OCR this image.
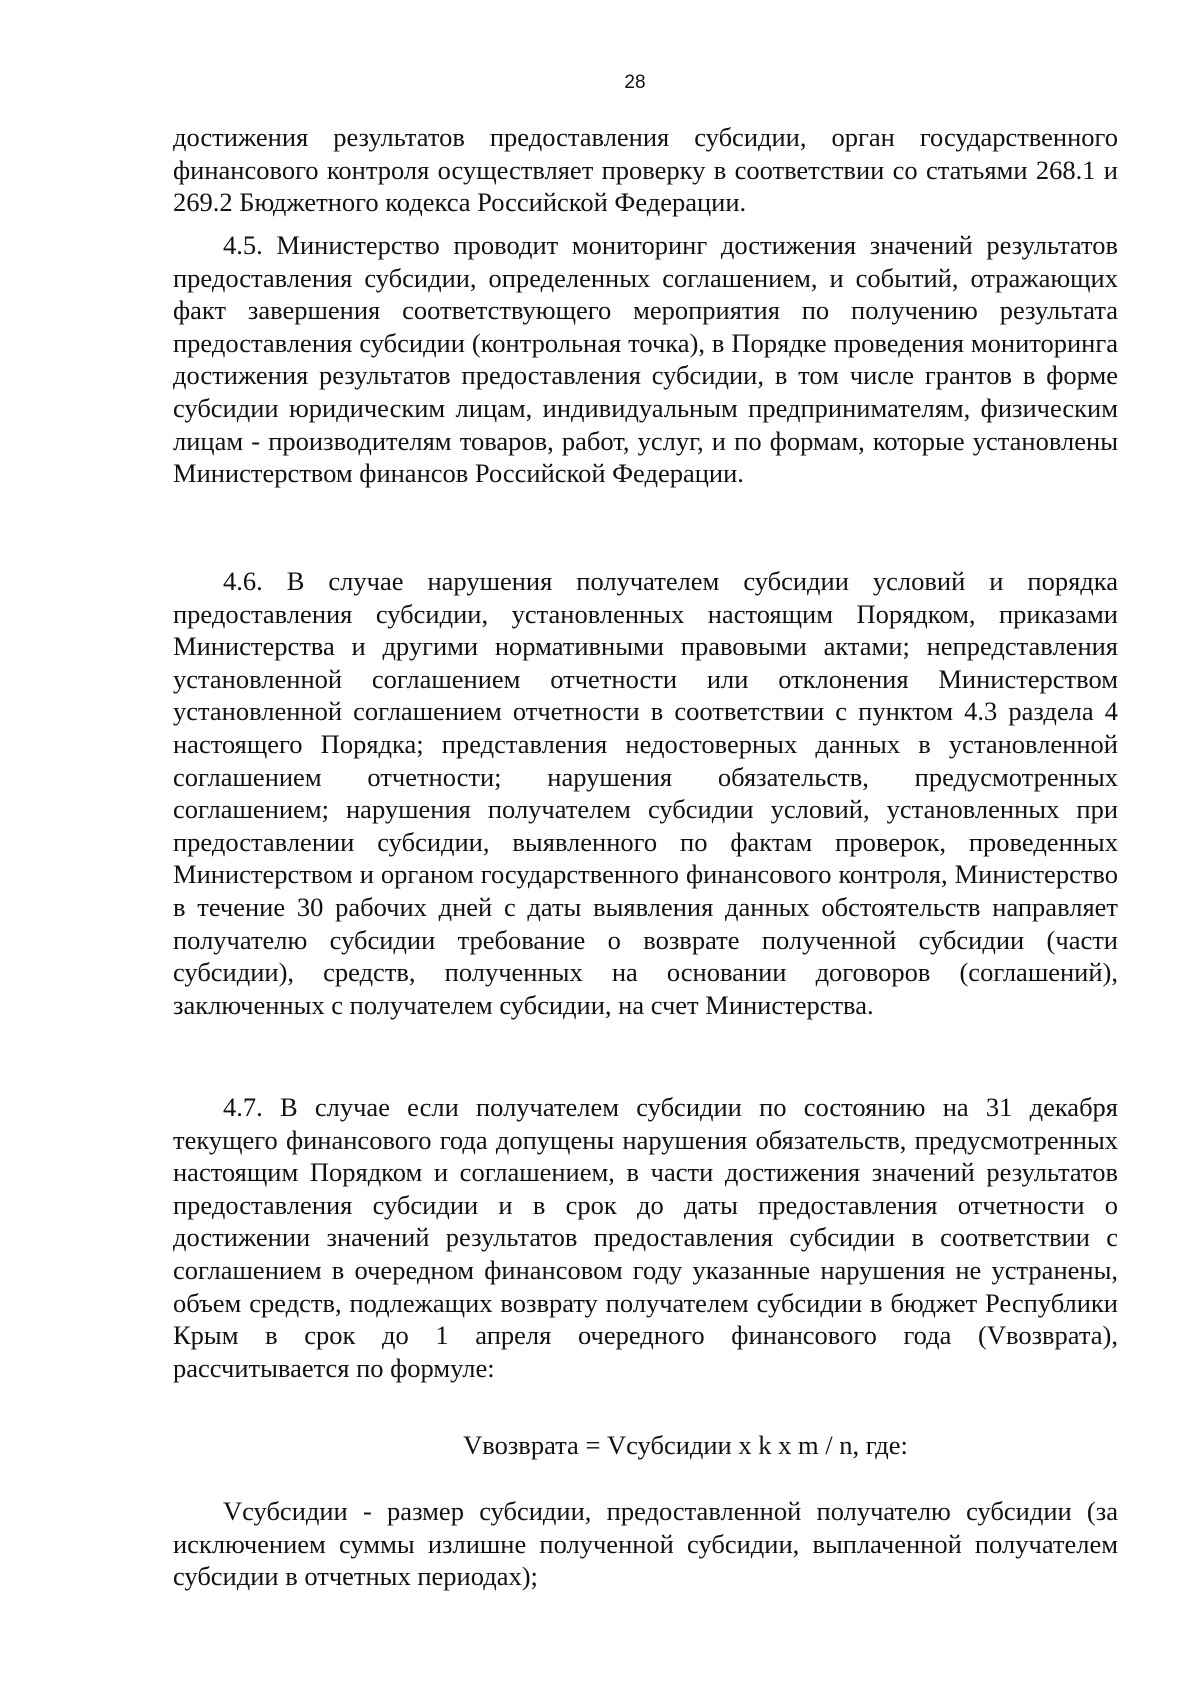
28

достижения результатов предоставления субсидии, орган государственного финансового контроля осуществляет проверку в соответствии со статьями 268.1 и 269.2 Бюджетного кодекса Российской Федерации.

4.5. Министерство проводит мониторинг достижения значений результатов предоставления субсидии, определенных соглашением, и событий, отражающих факт завершения соответствующего мероприятия по получению результата предоставления субсидии (контрольная точка), в Порядке проведения мониторинга достижения результатов предоставления субсидии, в том числе грантов в форме субсидии юридическим лицам, индивидуальным предпринимателям, физическим лицам - производителям товаров, работ, услуг, и по формам, которые установлены Министерством финансов Российской Федерации.

4.6. В случае нарушения получателем субсидии условий и порядка предоставления субсидии, установленных настоящим Порядком, приказами Министерства и другими нормативными правовыми актами; непредставления установленной соглашением отчетности или отклонения Министерством установленной соглашением отчетности в соответствии с пунктом 4.3 раздела 4 настоящего Порядка; представления недостоверных данных в установленной соглашением отчетности; нарушения обязательств, предусмотренных соглашением; нарушения получателем субсидии условий, установленных при предоставлении субсидии, выявленного по фактам проверок, проведенных Министерством и органом государственного финансового контроля, Министерство в течение 30 рабочих дней с даты выявления данных обстоятельств направляет получателю субсидии требование о возврате полученной субсидии (части субсидии), средств, полученных на основании договоров (соглашений), заключенных с получателем субсидии, на счет Министерства.

4.7. В случае если получателем субсидии по состоянию на 31 декабря текущего финансового года допущены нарушения обязательств, предусмотренных настоящим Порядком и соглашением, в части достижения значений результатов предоставления субсидии и в срок до даты предоставления отчетности о достижении значений результатов предоставления субсидии в соответствии с соглашением в очередном финансовом году указанные нарушения не устранены, объем средств, подлежащих возврату получателем субсидии в бюджет Республики Крым в срок до 1 апреля очередного финансового года (Vвозврата), рассчитывается по формуле:

Vвозврата = Vсубсидии x k x m / n, где:

Vсубсидии - размер субсидии, предоставленной получателю субсидии (за исключением суммы излишне полученной субсидии, выплаченной получателем субсидии в отчетных периодах);
